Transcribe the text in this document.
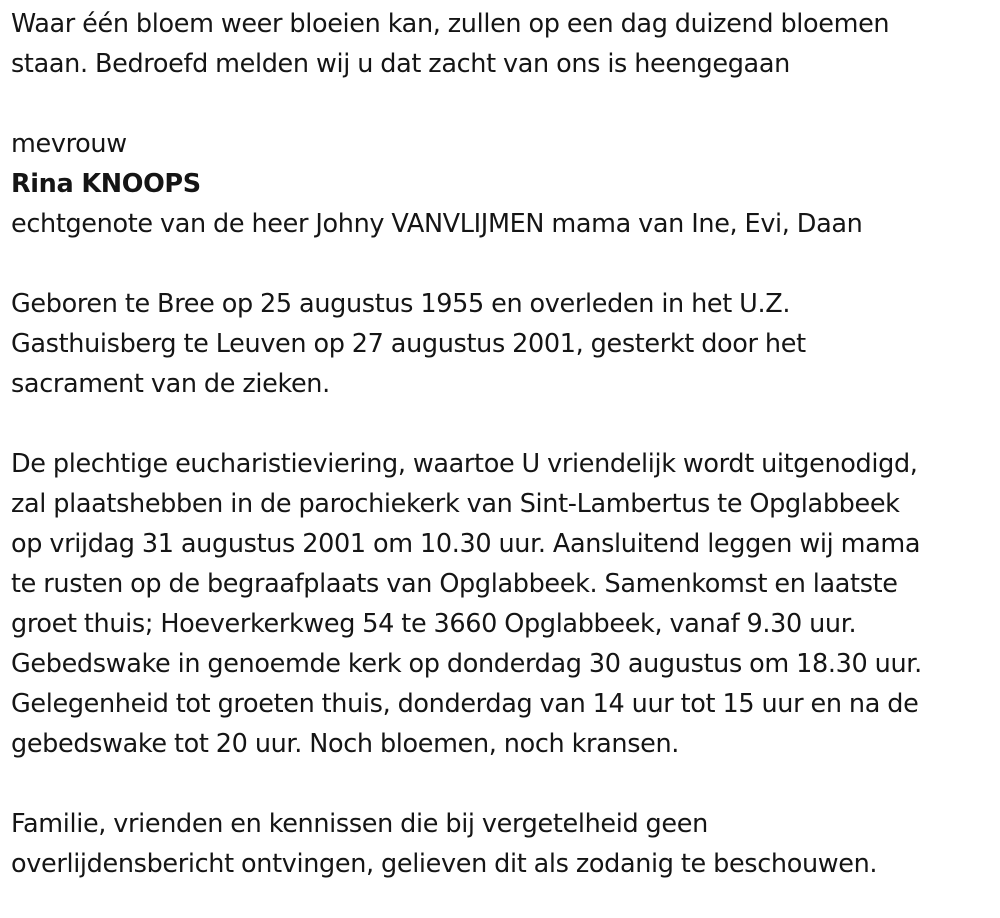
Waar één bloem weer bloeien kan, zullen op een dag duizend bloemen
staan. Bedroefd melden wij u dat zacht van ons is heengegaan

mevrouw

Rina KNOOPS

echtgenote van de heer Johny VANVLIJMEN mama van Ine, Evi, Daan

Geboren te Bree op 25 augustus 1955 en overleden in het U.Z.
Gasthuisberg te Leuven op 27 augustus 2001, gesterkt door het
sacrament van de zieken.

De plechtige eucharistieviering, waartoe U vriendelijk wordt uitgenodigd,
zal plaatshebben in de parochiekerk van Sint-Lambertus te Opglabbeek
op vrijdag 31 augustus 2001 om 10.30 uur. Aansluitend leggen wij mama
te rusten op de begraafplaats van Opglabbeek. Samenkomst en laatste
groet thuis; Hoeverkerkweg 54 te 3660 Opglabbeek, vanaf 9.30 uur.
Gebedswake in genoemde kerk op donderdag 30 augustus om 18.30 uur.
Gelegenheid tot groeten thuis, donderdag van 14 uur tot 15 uur en na de
gebedswake tot 20 uur. Noch bloemen, noch kransen.

Familie, vrienden en kennissen die bij vergetelheid geen
overlijdensbericht ontvingen, gelieven dit als zodanig te beschouwen.
